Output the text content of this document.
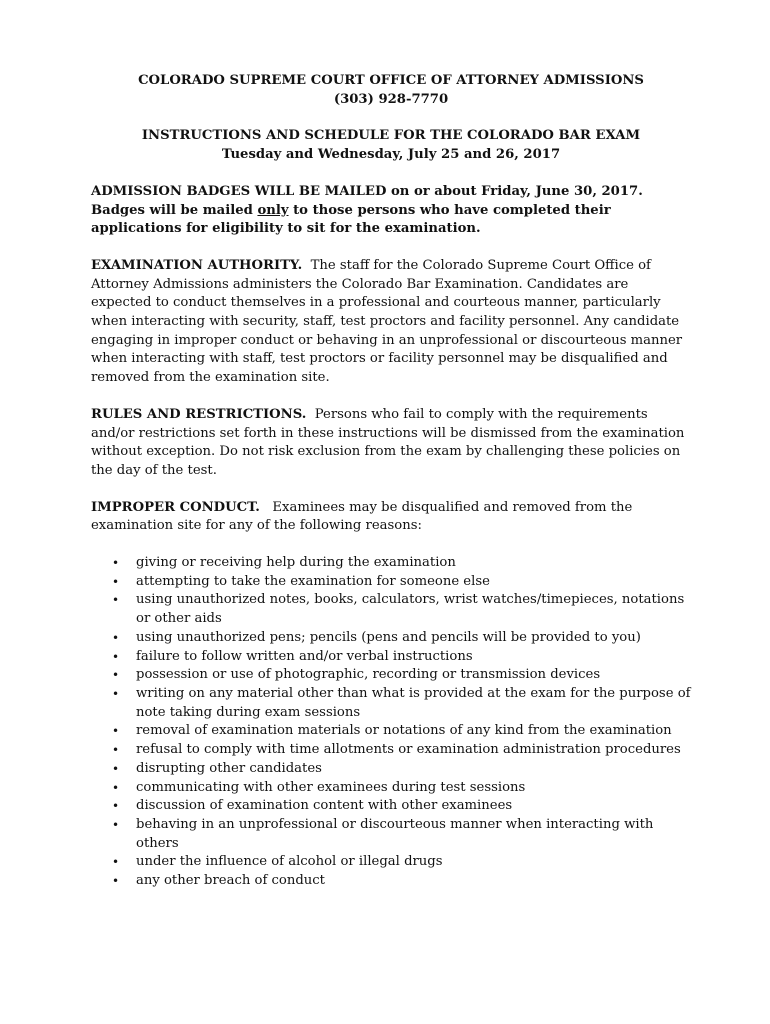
COLORADO SUPREME COURT OFFICE OF ATTORNEY ADMISSIONS

(303) 928-7770

INSTRUCTIONS AND SCHEDULE FOR THE COLORADO BAR EXAM

Tuesday and Wednesday, July 25 and 26, 2017

ADMISSION BADGES WILL BE MAILED on or about Friday, June 30, 2017.
Badges will be mailed only to those persons who have completed their applications for eligibility to sit for the examination.
EXAMINATION AUTHORITY. The staff for the Colorado Supreme Court Office of Attorney Admissions administers the Colorado Bar Examination. Candidates are expected to conduct themselves in a professional and courteous manner, particularly when interacting with security, staff, test proctors and facility personnel. Any candidate engaging in improper conduct or behaving in an unprofessional or discourteous manner when interacting with staff, test proctors or facility personnel may be disqualified and removed from the examination site.
RULES AND RESTRICTIONS. Persons who fail to comply with the requirements and/or restrictions set forth in these instructions will be dismissed from the examination without exception. Do not risk exclusion from the exam by challenging these policies on the day of the test.
IMPROPER CONDUCT. Examinees may be disqualified and removed from the examination site for any of the following reasons:
• giving or receiving help during the examination
• attempting to take the examination for someone else
• using unauthorized notes, books, calculators, wrist watches/timepieces, notations or other aids
• using unauthorized pens; pencils (pens and pencils will be provided to you)
• failure to follow written and/or verbal instructions
• possession or use of photographic, recording or transmission devices
• writing on any material other than what is provided at the exam for the purpose of note taking during exam sessions
• removal of examination materials or notations of any kind from the examination
• refusal to comply with time allotments or examination administration procedures
• disrupting other candidates
• communicating with other examinees during test sessions
• discussion of examination content with other examinees
• behaving in an unprofessional or discourteous manner when interacting with others
• under the influence of alcohol or illegal drugs
• any other breach of conduct
